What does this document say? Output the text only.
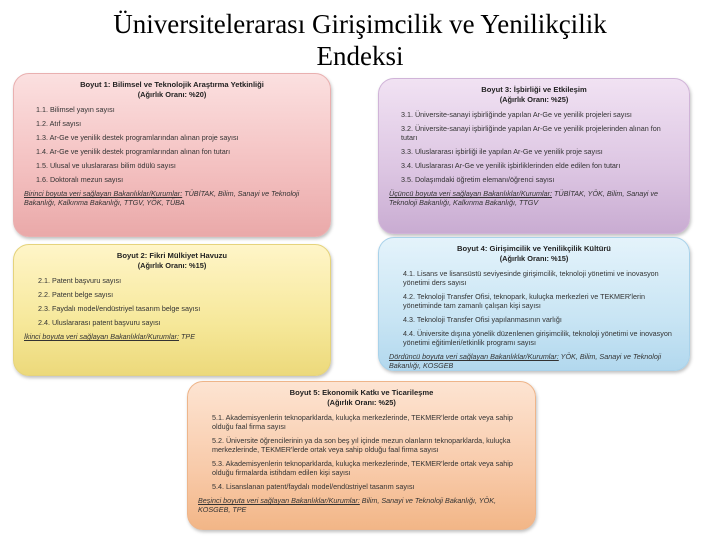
Üniversitelerarası Girişimcilik ve Yenilikçilik
Endeksi
Boyut 1: Bilimsel ve Teknolojik Araştırma Yetkinliği
(Ağırlık Oranı: %20)
1.1. Bilimsel yayın sayısı
1.2. Atıf sayısı
1.3. Ar-Ge ve yenilik destek programlarından alınan proje sayısı
1.4. Ar-Ge ve yenilik destek programlarından alınan fon tutarı
1.5. Ulusal ve uluslararası bilim ödülü sayısı
1.6. Doktoralı mezun sayısı
Birinci boyuta veri sağlayan Bakanlıklar/Kurumlar: TÜBİTAK, Bilim, Sanayi ve Teknoloji Bakanlığı, Kalkınma Bakanlığı, TTGV, YÖK, TÜBA
Boyut 3: İşbirliği ve Etkileşim
(Ağırlık Oranı: %25)
3.1. Üniversite-sanayi işbirliğinde yapılan Ar-Ge ve yenilik projeleri sayısı
3.2. Üniversite-sanayi işbirliğinde yapılan Ar-Ge ve yenilik projelerinden alınan fon tutarı
3.3. Uluslararası işbirliği ile yapılan Ar-Ge ve yenilik proje sayısı
3.4. Uluslararası Ar-Ge ve yenilik işbirliklerinden elde edilen fon tutarı
3.5. Dolaşımdaki öğretim elemanı/öğrenci sayısı
Üçüncü boyuta veri sağlayan Bakanlıklar/Kurumlar: TÜBİTAK, YÖK, Bilim, Sanayi ve Teknoloji Bakanlığı, Kalkınma Bakanlığı, TTGV
Boyut 2: Fikri Mülkiyet Havuzu
(Ağırlık Oranı: %15)
2.1. Patent başvuru sayısı
2.2. Patent belge sayısı
2.3. Faydalı model/endüstriyel tasarım belge sayısı
2.4. Uluslararası patent başvuru sayısı
İkinci boyuta veri sağlayan Bakanlıklar/Kurumlar: TPE
Boyut 4: Girişimcilik ve Yenilikçilik Kültürü
(Ağırlık Oranı: %15)
4.1. Lisans ve lisansüstü seviyesinde girişimcilik, teknoloji yönetimi ve inovasyon yönetimi ders sayısı
4.2. Teknoloji Transfer Ofisi, teknopark, kuluçka merkezleri ve TEKMER'lerin yönetiminde tam zamanlı çalışan kişi sayısı
4.3. Teknoloji Transfer Ofisi yapılanmasının varlığı
4.4. Üniversite dışına yönelik düzenlenen girişimcilik, teknoloji yönetimi ve inovasyon yönetimi eğitimleri/etkinlik programı sayısı
Dördüncü boyuta veri sağlayan Bakanlıklar/Kurumlar: YÖK, Bilim, Sanayi ve Teknoloji Bakanlığı, KOSGEB
Boyut 5: Ekonomik Katkı ve Ticarileşme
(Ağırlık Oranı: %25)
5.1. Akademisyenlerin teknoparklarda, kuluçka merkezlerinde, TEKMER'lerde ortak veya sahip olduğu faal firma sayısı
5.2. Üniversite öğrencilerinin ya da son beş yıl içinde mezun olanların teknoparklarda, kuluçka merkezlerinde, TEKMER'lerde ortak veya sahip olduğu faal firma sayısı
5.3. Akademisyenlerin teknoparklarda, kuluçka merkezlerinde, TEKMER'lerde ortak veya sahip olduğu firmalarda istihdam edilen kişi sayısı
5.4. Lisanslanan patent/faydalı model/endüstriyel tasarım sayısı
Beşinci boyuta veri sağlayan Bakanlıklar/Kurumlar: Bilim, Sanayi ve Teknoloji Bakanlığı, YÖK, KOSGEB, TPE
